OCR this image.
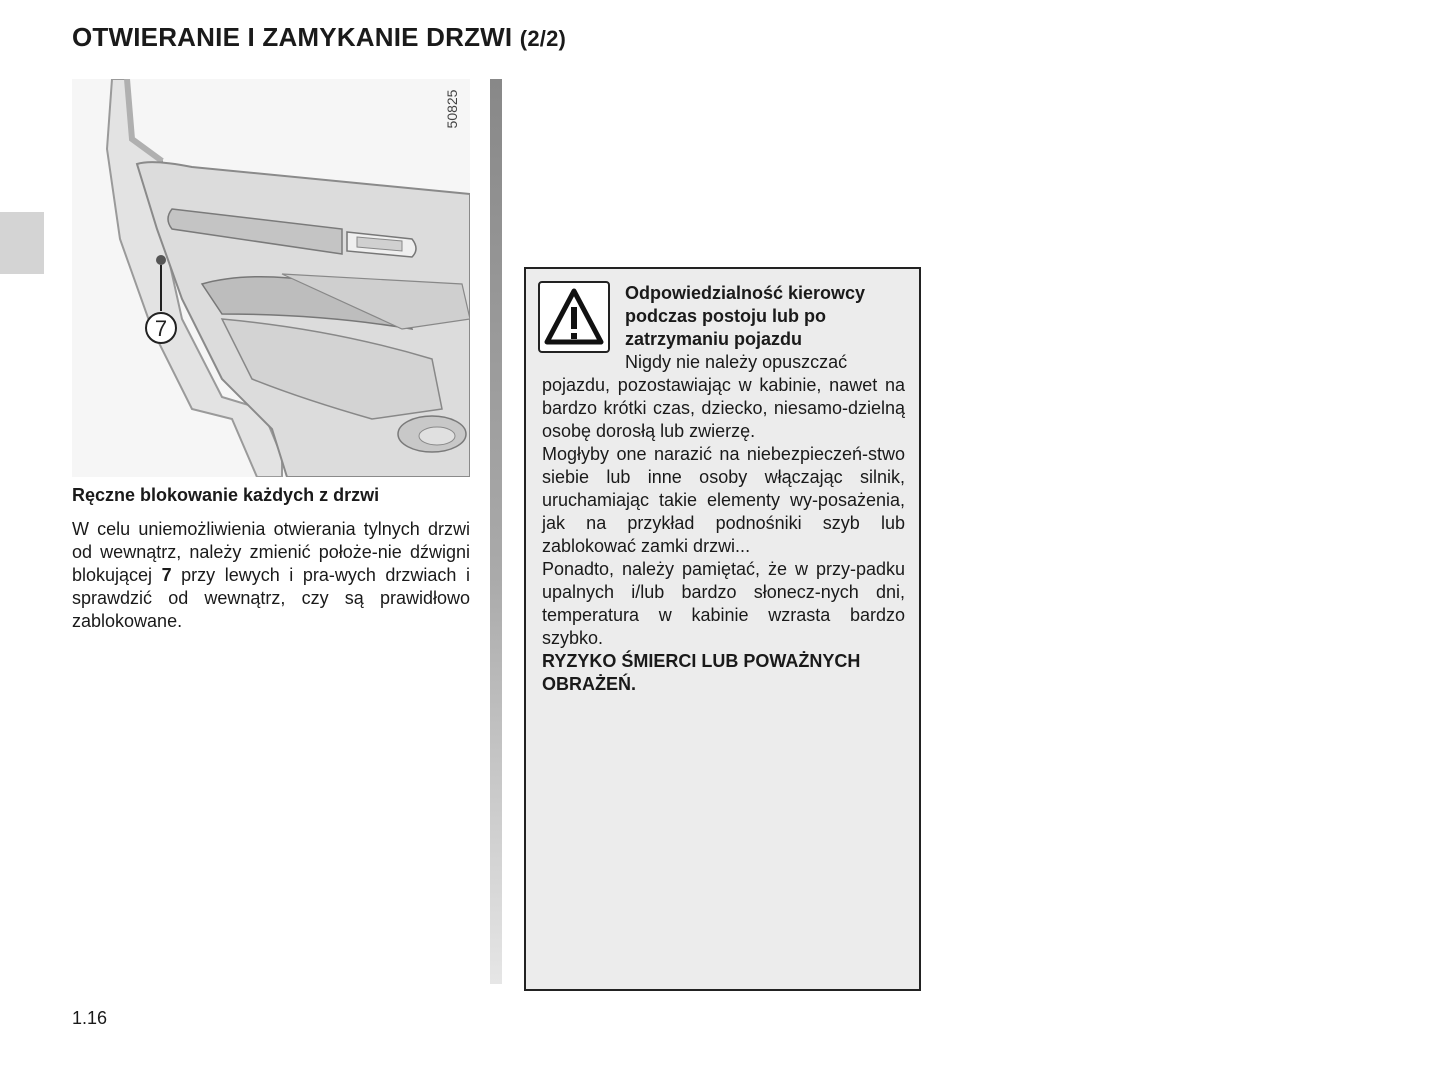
OTWIERANIE I ZAMYKANIE DRZWI (2/2)
7
50825

Ręczne blokowanie każdych z drzwi

W celu uniemożliwienia otwierania tylnych drzwi od wewnątrz, należy zmienić położe-nie dźwigni blokującej 7 przy lewych i pra-wych drzwiach i sprawdzić od wewnątrz, czy są prawidłowo zablokowane.

Odpowiedzialność kierowcy podczas postoju lub po zatrzymaniu pojazdu

Nigdy nie należy opuszczać
pojazdu, pozostawiając w kabinie, nawet na bardzo krótki czas, dziecko, niesamo-dzielną osobę dorosłą lub zwierzę.

Mogłyby one narazić na niebezpieczeń-stwo siebie lub inne osoby włączając silnik, uruchamiając takie elementy wy-posażenia, jak na przykład podnośniki szyb lub zablokować zamki drzwi...

Ponadto, należy pamiętać, że w przy-padku upalnych i/lub bardzo słonecz-nych dni, temperatura w kabinie wzrasta bardzo szybko.

RYZYKO ŚMIERCI LUB POWAŻNYCH OBRAŻEŃ.

1.16
